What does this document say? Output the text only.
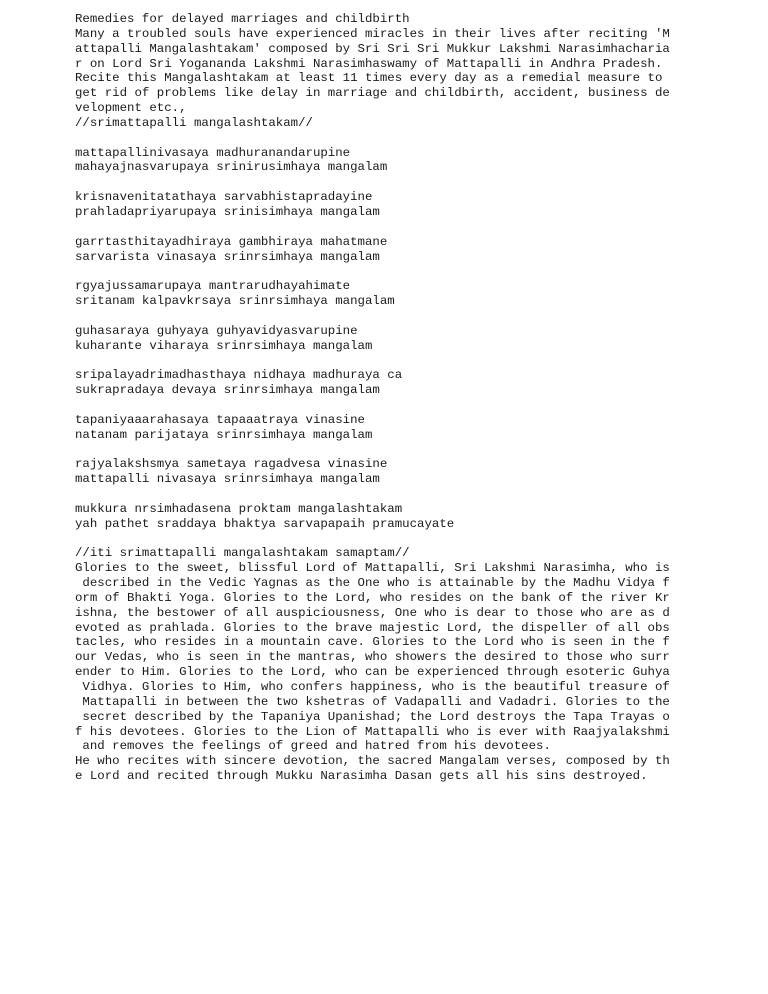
Remedies for delayed marriages and childbirth
Many a troubled souls have experienced miracles in their lives after reciting 'M
attapalli Mangalashtakam' composed by Sri Sri Sri Mukkur Lakshmi Narasimhacharia
r on Lord Sri Yogananda Lakshmi Narasimhaswamy of Mattapalli in Andhra Pradesh.
Recite this Mangalashtakam at least 11 times every day as a remedial measure to
get rid of problems like delay in marriage and childbirth, accident, business de
velopment etc.,
//srimattapalli mangalashtakam//
mattapallinivasaya madhuranandarupine
mahayajnasvarupaya srinirusimhaya mangalam
krisnavenitatathaya sarvabhistapradayine
prahladapriyarupaya srinisimhaya mangalam
garrtasthitayadhiraya gambhiraya mahatmane
sarvarista vinasaya srinrsimhaya mangalam
rgyajussamarupaya mantrarudhayahimate
sritanam kalpavkrsaya srinrsimhaya mangalam
guhasaraya guhyaya guhyavidyasvarupine
kuharante viharaya srinrsimhaya mangalam
sripalayadrimadhasthaya nidhaya madhuraya ca
sukrapradaya devaya srinrsimhaya mangalam
tapaniyaaarahasaya tapaaatraya vinasine
natanam parijataya srinrsimhaya mangalam
rajyalakshsmya sametaya ragadvesa vinasine
mattapalli nivasaya srinrsimhaya mangalam
mukkura nrsimhadasena proktam mangalashtakam
yah pathet sraddaya bhaktya sarvapapaih pramucayate
//iti srimattapalli mangalashtakam samaptam//
Glories to the sweet, blissful Lord of Mattapalli, Sri Lakshmi Narasimha, who is
described in the Vedic Yagnas as the One who is attainable by the Madhu Vidya f
orm of Bhakti Yoga. Glories to the Lord, who resides on the bank of the river Kr
ishna, the bestower of all auspiciousness, One who is dear to those who are as d
evoted as prahlada. Glories to the brave majestic Lord, the dispeller of all obs
tacles, who resides in a mountain cave. Glories to the Lord who is seen in the f
our Vedas, who is seen in the mantras, who showers the desired to those who surr
ender to Him. Glories to the Lord, who can be experienced through esoteric Guhya
Vidhya. Glories to Him, who confers happiness, who is the beautiful treasure of
Mattapalli in between the two kshetras of Vadapalli and Vadadri. Glories to the
secret described by the Tapaniya Upanishad; the Lord destroys the Tapa Trayas o
f his devotees. Glories to the Lion of Mattapalli who is ever with Raajyalakshmi
and removes the feelings of greed and hatred from his devotees.
He who recites with sincere devotion, the sacred Mangalam verses, composed by th
e Lord and recited through Mukku Narasimha Dasan gets all his sins destroyed.
